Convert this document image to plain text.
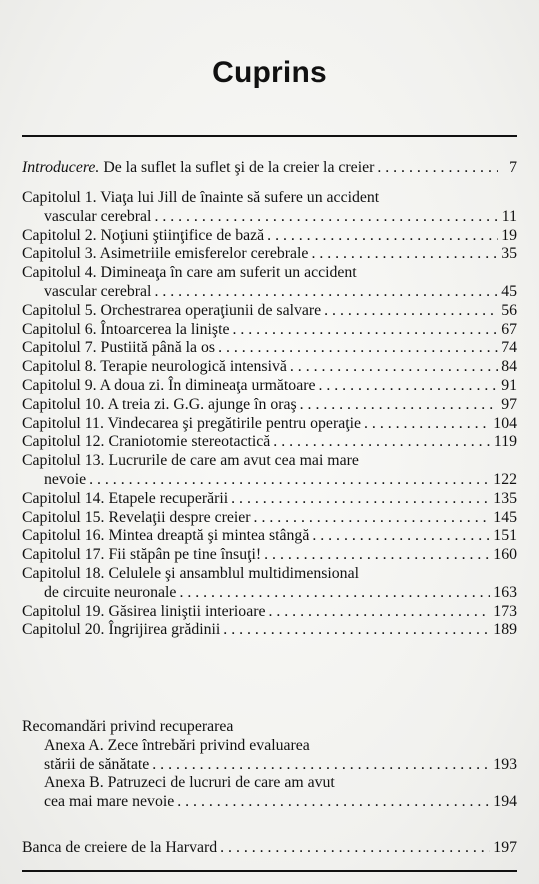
Cuprins
Introducere. De la suflet la suflet şi de la creier la creier . . .	7
Capitolul 1. Viaţa lui Jill de înainte să sufere un accident
vascular cerebral . . .	11
Capitolul 2. Noţiuni ştiinţifice de bază . . .	19
Capitolul 3. Asimetriile emisferelor cerebrale . . .	35
Capitolul 4. Dimineaţa în care am suferit un accident
vascular cerebral . . .	45
Capitolul 5. Orchestrarea operaţiunii de salvare . . .	56
Capitolul 6. Întoarcerea la linişte . . .	67
Capitolul 7. Pustiită până la os . . .	74
Capitolul 8. Terapie neurologică intensivă . . .	84
Capitolul 9. A doua zi. În dimineaţa următoare . . .	91
Capitolul 10. A treia zi. G.G. ajunge în oraş . . .	97
Capitolul 11. Vindecarea şi pregătirile pentru operaţie . . .	104
Capitolul 12. Craniotomie stereotactică . . .	119
Capitolul 13. Lucrurile de care am avut cea mai mare
nevoie . . .	122
Capitolul 14. Etapele recuperării . . .	135
Capitolul 15. Revelaţii despre creier . . .	145
Capitolul 16. Mintea dreaptă şi mintea stângă . . .	151
Capitolul 17. Fii stăpân pe tine însuţi! . . .	160
Capitolul 18. Celulele şi ansamblul multidimensional
de circuite neuronale . . .	163
Capitolul 19. Găsirea liniştii interioare . . .	173
Capitolul 20. Îngrijirea grădinii . . .	189
Recomandări privind recuperarea
Anexa A. Zece întrebări privind evaluarea
stării de sănătate . . .	193
Anexa B. Patruzeci de lucruri de care am avut
cea mai mare nevoie . . .	194
Banca de creiere de la Harvard . . .	197
